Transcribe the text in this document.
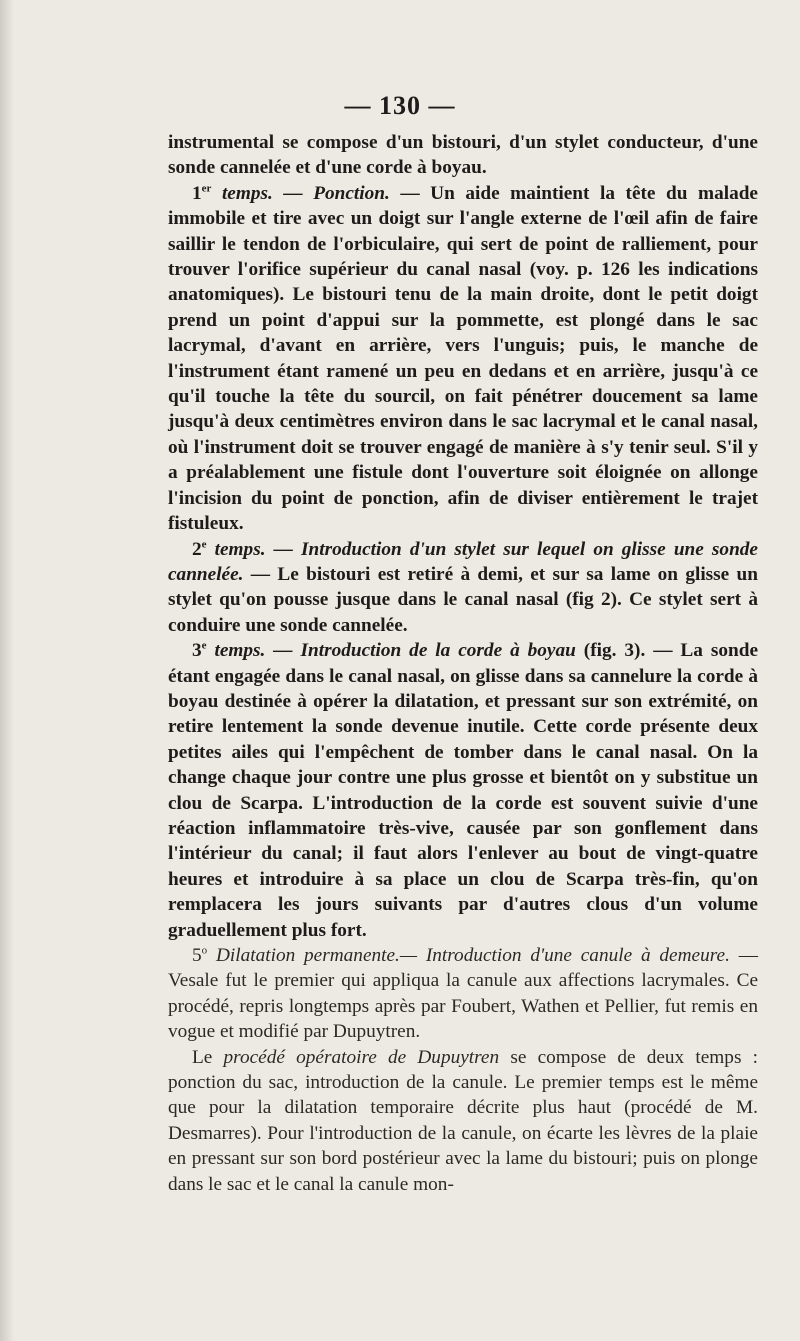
— 130 —

instrumental se compose d'un bistouri, d'un stylet conducteur, d'une sonde cannelée et d'une corde à boyau.

1er temps. — Ponction. — Un aide maintient la tête du malade immobile et tire avec un doigt sur l'angle externe de l'œil afin de faire saillir le tendon de l'orbiculaire, qui sert de point de ralliement, pour trouver l'orifice supérieur du canal nasal (voy. p. 126 les indications anatomiques). Le bistouri tenu de la main droite, dont le petit doigt prend un point d'appui sur la pommette, est plongé dans le sac lacrymal, d'avant en arrière, vers l'unguis; puis, le manche de l'instrument étant ramené un peu en dedans et en arrière, jusqu'à ce qu'il touche la tête du sourcil, on fait pénétrer doucement sa lame jusqu'à deux centimètres environ dans le sac lacrymal et le canal nasal, où l'instrument doit se trouver engagé de manière à s'y tenir seul. S'il y a préalablement une fistule dont l'ouverture soit éloignée on allonge l'incision du point de ponction, afin de diviser entièrement le trajet fistuleux.

2e temps. — Introduction d'un stylet sur lequel on glisse une sonde cannelée. — Le bistouri est retiré à demi, et sur sa lame on glisse un stylet qu'on pousse jusque dans le canal nasal (fig 2). Ce stylet sert à conduire une sonde cannelée.

3e temps. — Introduction de la corde à boyau (fig. 3). — La sonde étant engagée dans le canal nasal, on glisse dans sa cannelure la corde à boyau destinée à opérer la dilatation, et pressant sur son extrémité, on retire lentement la sonde devenue inutile. Cette corde présente deux petites ailes qui l'empêchent de tomber dans le canal nasal. On la change chaque jour contre une plus grosse et bientôt on y substitue un clou de Scarpa. L'introduction de la corde est souvent suivie d'une réaction inflammatoire très-vive, causée par son gonflement dans l'intérieur du canal; il faut alors l'enlever au bout de vingt-quatre heures et introduire à sa place un clou de Scarpa très-fin, qu'on remplacera les jours suivants par d'autres clous d'un volume graduellement plus fort.

5$^o$ Dilatation permanente.— Introduction d'une canule à demeure. — Vesale fut le premier qui appliqua la canule aux affections lacrymales. Ce procédé, repris longtemps après par Foubert, Wathen et Pellier, fut remis en vogue et modifié par Dupuytren.

Le procédé opératoire de Dupuytren se compose de deux temps : ponction du sac, introduction de la canule. Le premier temps est le même que pour la dilatation temporaire décrite plus haut (procédé de M. Desmarres). Pour l'introduction de la canule, on écarte les lèvres de la plaie en pressant sur son bord postérieur avec la lame du bistouri; puis on plonge dans le sac et le canal la canule mon-
